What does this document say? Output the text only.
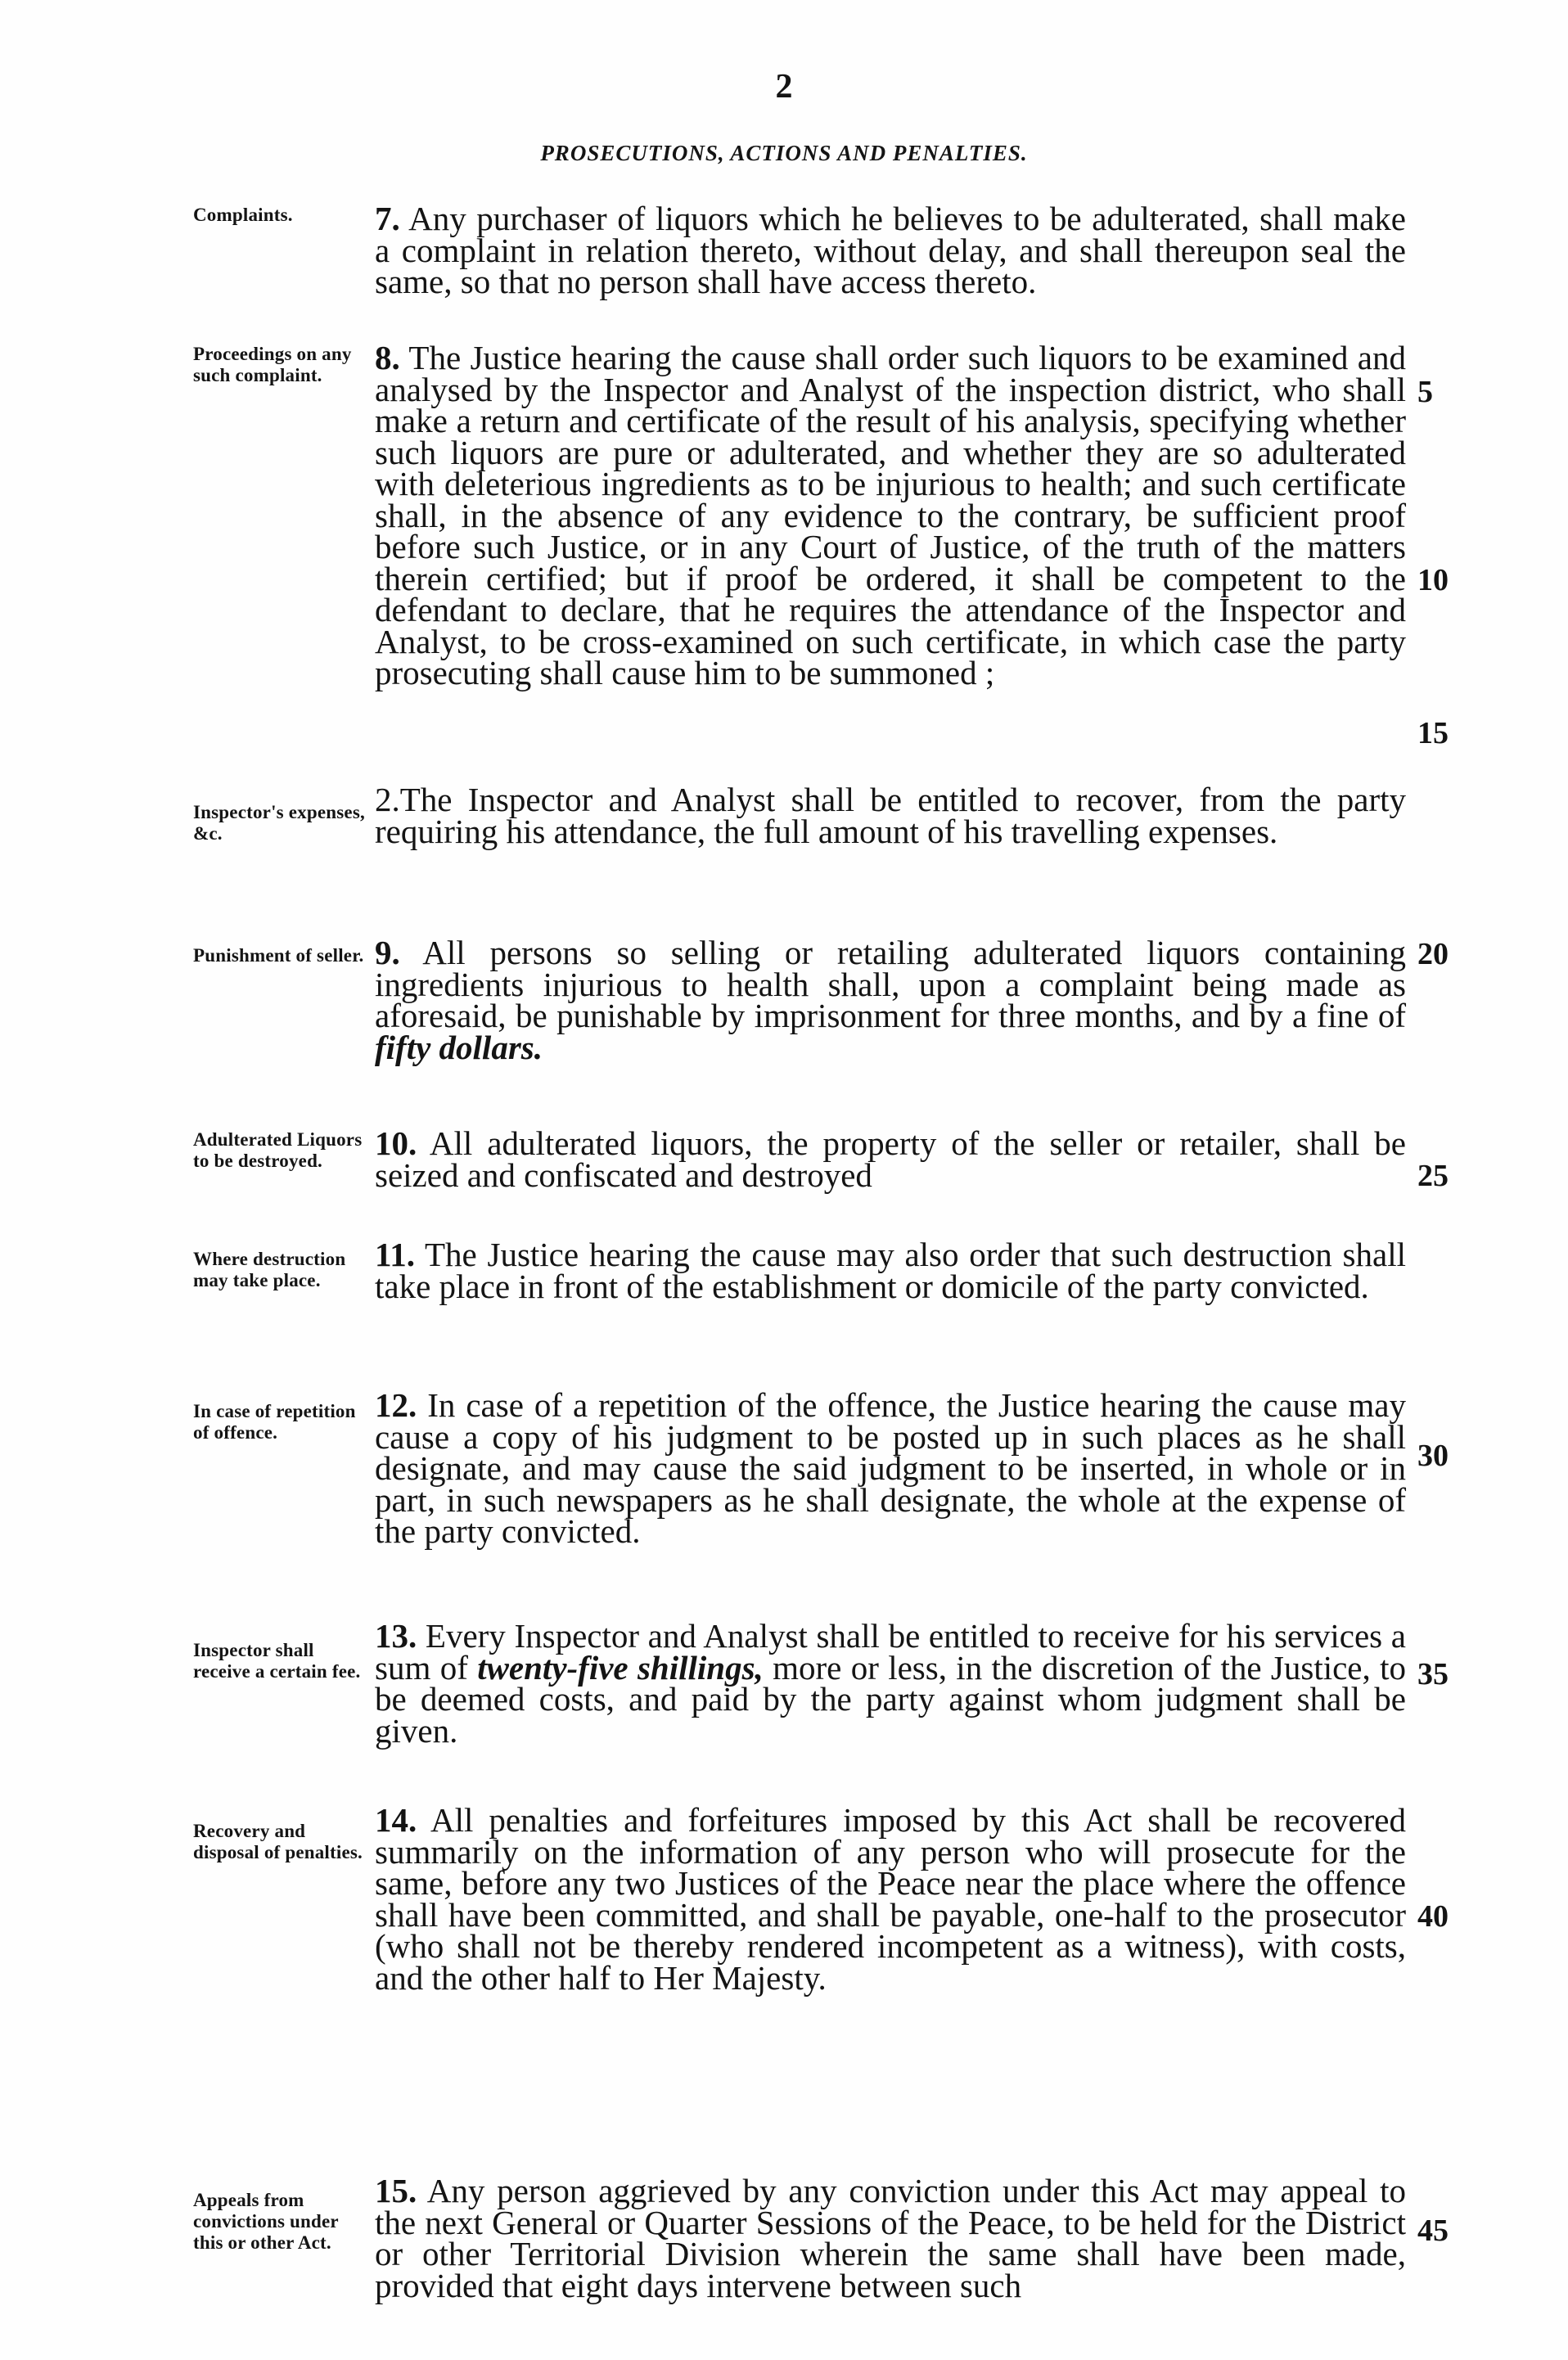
2
PROSECUTIONS, ACTIONS AND PENALTIES.
Complaints.	7. Any purchaser of liquors which he believes to be adulterated, shall make a complaint in relation thereto, without delay, and shall thereupon seal the same, so that no person shall have access thereto.
Proceedings on any such complaint.	8. The Justice hearing the cause shall order such liquors to be examined and analysed by the Inspector and Analyst of the inspection district, who shall make a return and certificate of the result of his analysis, specifying whether such liquors are pure or adulterated, and whether they are so adulterated with deleterious ingredients as to be injurious to health; and such certificate shall, in the absence of any evidence to the contrary, be sufficient proof before such Justice, or in any Court of Justice, of the truth of the matters therein certified; but if proof be ordered, it shall be competent to the defendant to declare, that he requires the attendance of the Inspector and Analyst, to be cross-examined on such certificate, in which case the party prosecuting shall cause him to be summoned ;
Inspector's expenses, &c.
2.The Inspector and Analyst shall be entitled to recover, from the party requiring his attendance, the full amount of his travelling expenses.
Punishment of seller. 9. All persons so selling or retailing adulterated liquors containing ingredients injurious to health shall, upon a complaint being made as aforesaid, be punishable by imprisonment for three months, and by a fine of fifty dollars.
Adulterated Liquors to be destroyed.	10. All adulterated liquors, the property of the seller or retailer, shall be seized and confiscated and destroyed
Where destruction may take place.
11. The Justice hearing the cause may also order that such destruction shall take place in front of the establishment or domicile of the party convicted.
In case of repetition of offence.
12. In case of a repetition of the offence, the Justice hearing the cause may cause a copy of his judgment to be posted up in such places as he shall designate, and may cause the said judgment to be inserted, in whole or in part, in such newspapers as he shall designate, the whole at the expense of the party convicted.
Inspector shall receive a certain fee.
13. Every Inspector and Analyst shall be entitled to receive for his services a sum of twenty-five shillings, more or less, in the discretion of the Justice, to be deemed costs, and paid by the party against whom judgment shall be given.
Recovery and disposal of penalties.
14. All penalties and forfeitures imposed by this Act shall be recovered summarily on the information of any person who will prosecute for the same, before any two Justices of the Peace near the place where the offence shall have been committed, and shall be payable, one-half to the prosecutor (who shall not be thereby rendered incompetent as a witness), with costs, and the other half to Her Majesty.
Appeals from convictions under this or other Act.
15. Any person aggrieved by any conviction under this Act may appeal to the next General or Quarter Sessions of the Peace, to be held for the District or other Territorial Division wherein the same shall have been made, provided that eight days intervene between such
5
10
15
20
25
30
35
40
45
